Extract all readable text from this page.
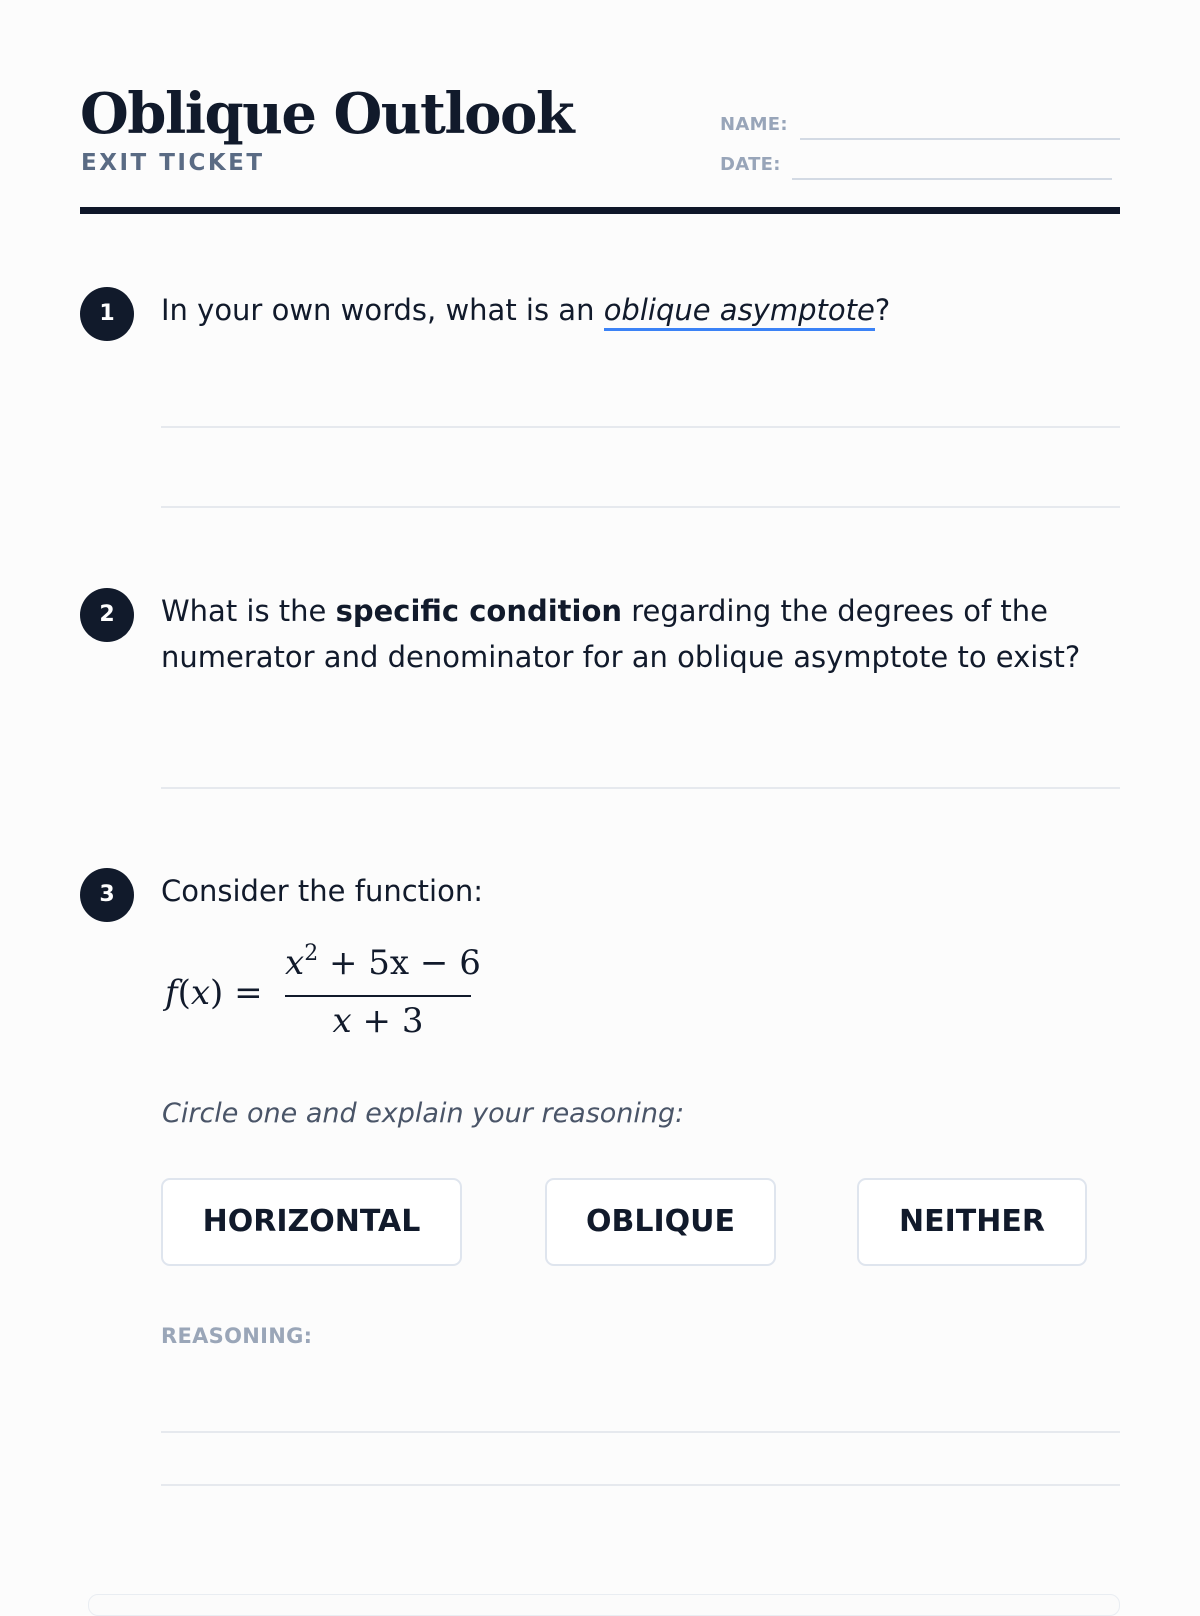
Oblique Outlook
EXIT TICKET
NAME:
DATE:
1	In your own words, what is an oblique asymptote?
2	What is the specific condition regarding the degrees of the numerator and denominator for an oblique asymptote to exist?
3	Consider the function:
f(x) =
$x^2 + 5x - 6$
x + 3
Circle one and explain your reasoning:
HORIZONTAL	OBLIQUE	NEITHER
REASONING:
